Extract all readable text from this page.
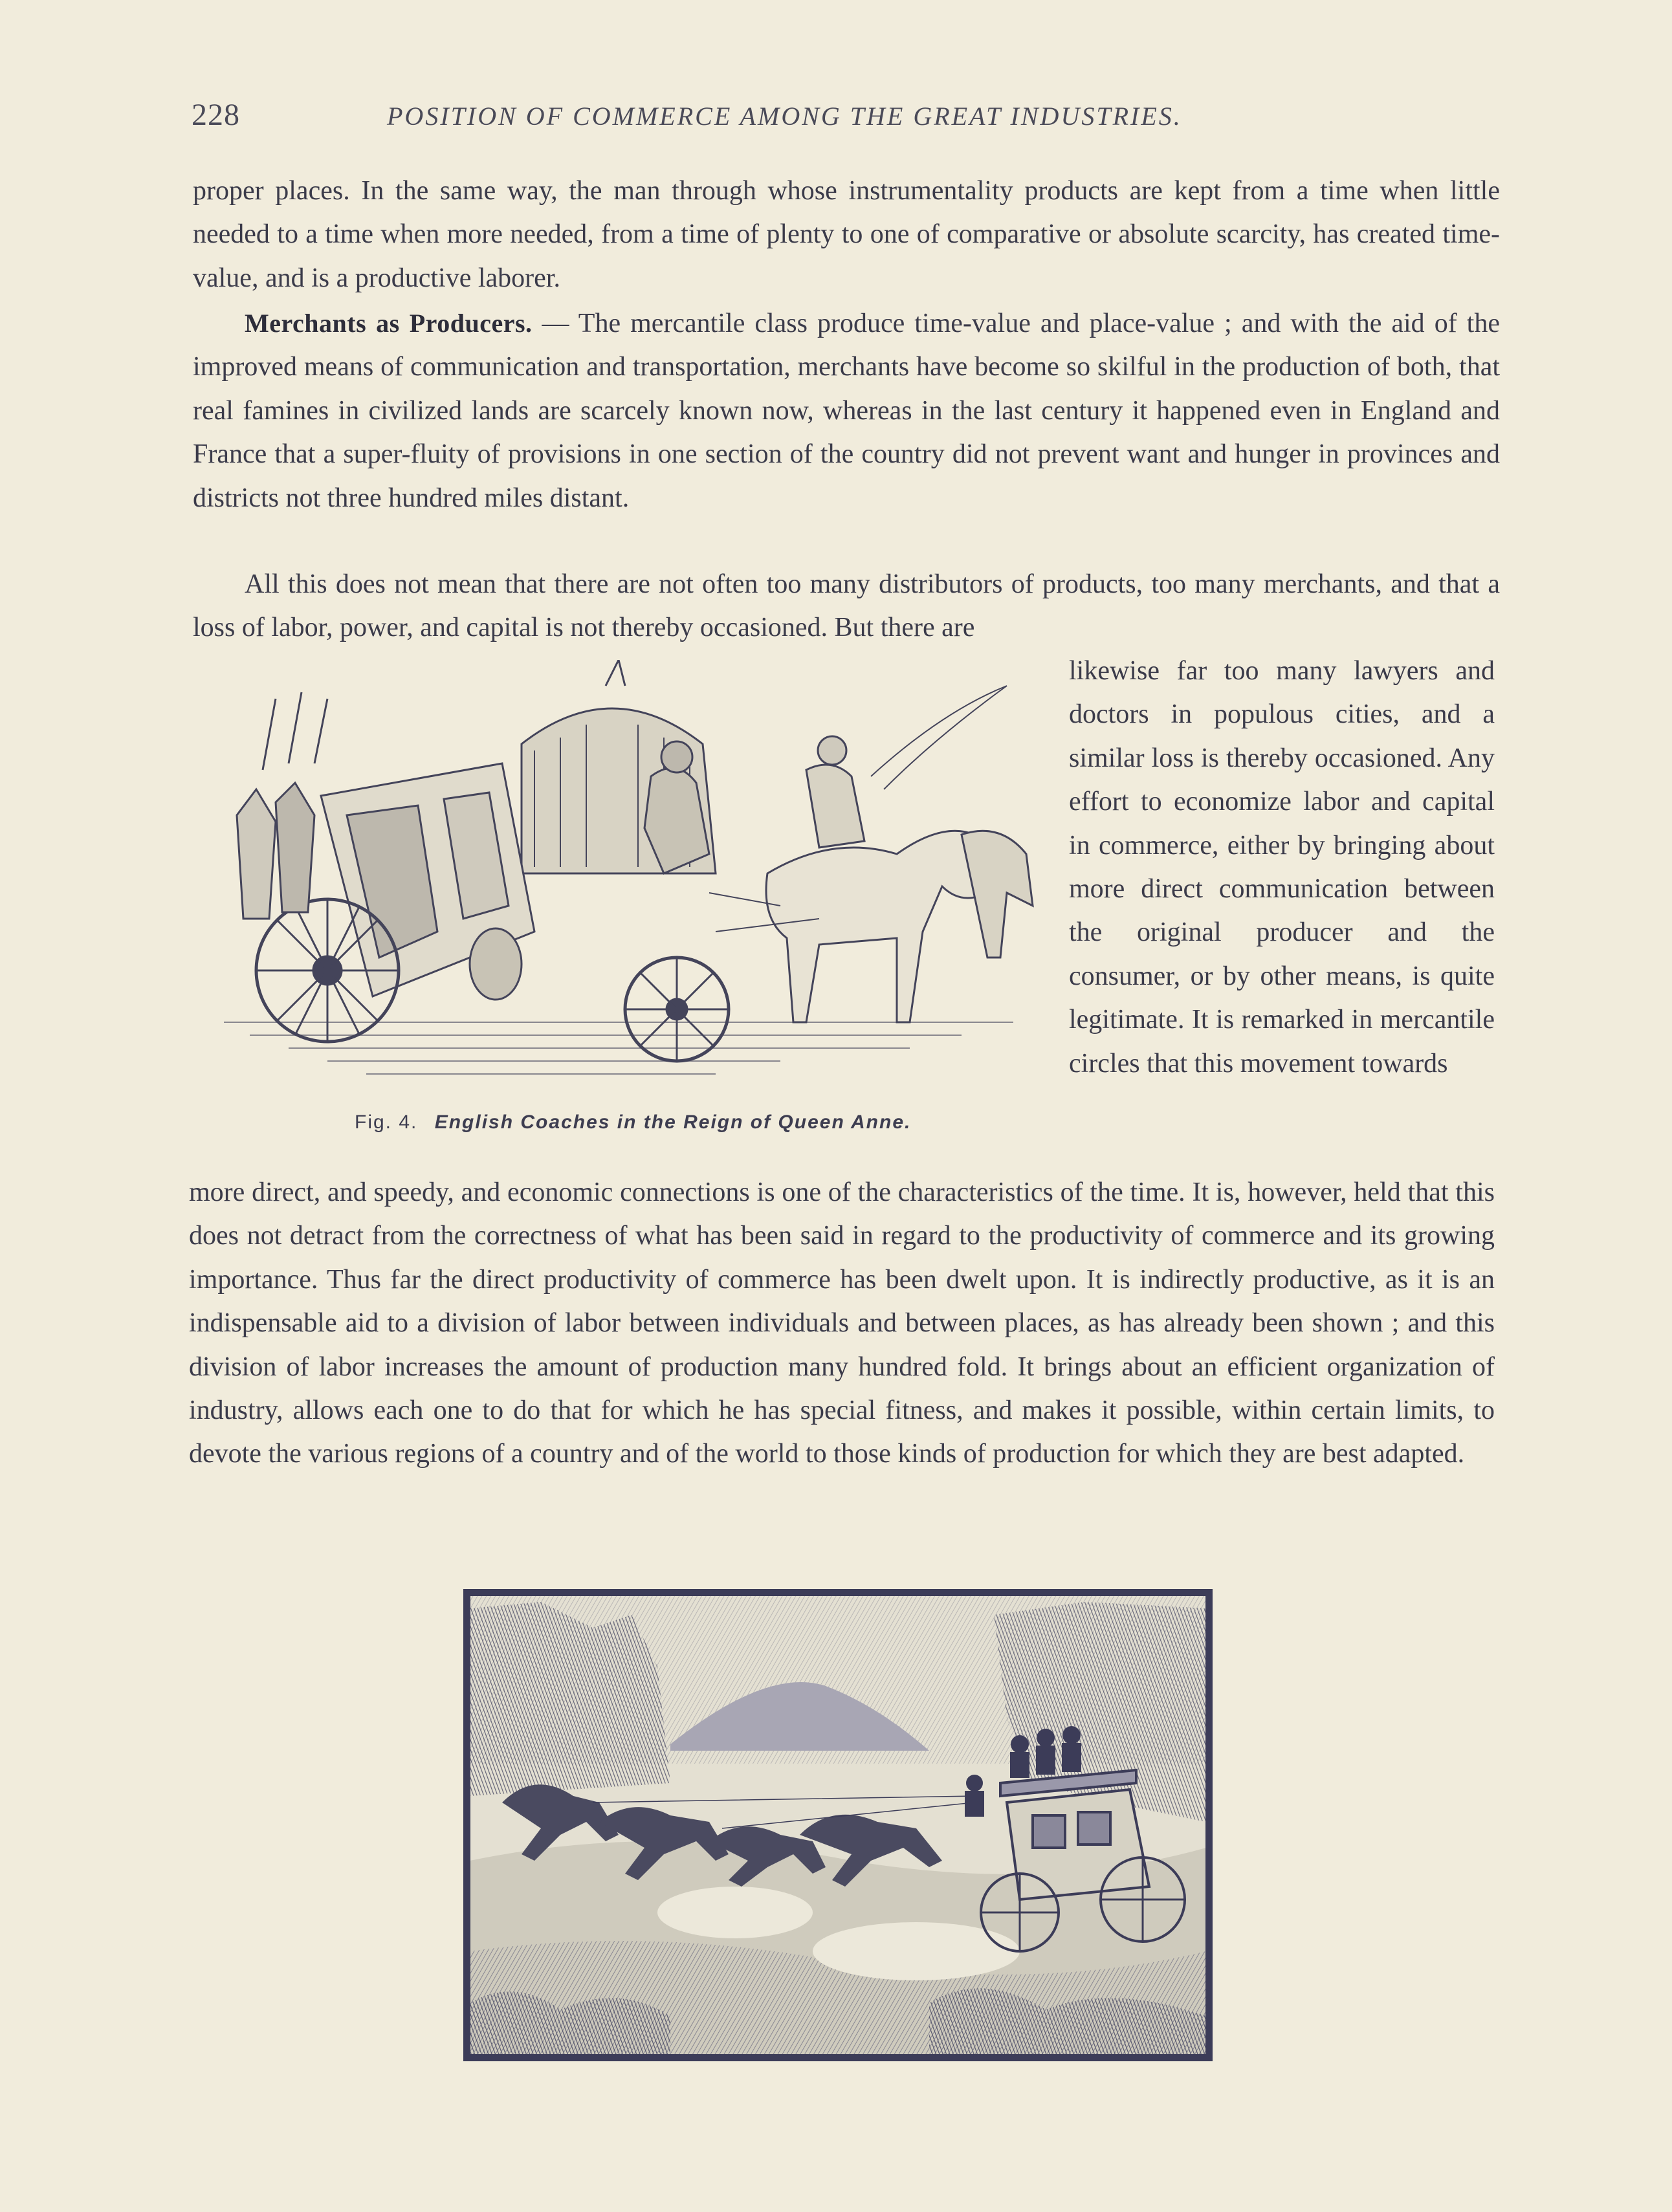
228	POSITION OF COMMERCE AMONG THE GREAT INDUSTRIES.

proper places. In the same way, the man through whose instrumentality products are kept from a time when little needed to a time when more needed, from a time of plenty to one of comparative or absolute scarcity, has created time-value, and is a productive laborer.

Merchants as Producers. — The mercantile class produce time-value and place-value ; and with the aid of the improved means of communication and transportation, merchants have become so skilful in the production of both, that real famines in civilized lands are scarcely known now, whereas in the last century it happened even in England and France that a super-fluity of provisions in one section of the country did not prevent want and hunger in provinces and districts not three hundred miles distant.

All this does not mean that there are not often too many distributors of products, too many merchants, and that a loss of labor, power, and capital is not thereby occasioned. But there are

Fig. 4. English Coaches in the Reign of Queen Anne.

likewise far too many lawyers and doctors in populous cities, and a similar loss is thereby occasioned. Any effort to economize labor and capital in commerce, either by bringing about more direct communication between the original producer and the consumer, or by other means, is quite legitimate. It is remarked in mercantile circles that this movement towards

more direct, and speedy, and economic connections is one of the characteristics of the time. It is, however, held that this does not detract from the correctness of what has been said in regard to the productivity of commerce and its growing importance. Thus far the direct productivity of commerce has been dwelt upon. It is indirectly productive, as it is an indispensable aid to a division of labor between individuals and between places, as has already been shown ; and this division of labor increases the amount of production many hundred fold. It brings about an efficient organization of industry, allows each one to do that for which he has special fitness, and makes it possible, within certain limits, to devote the various regions of a country and of the world to those kinds of production for which they are best adapted.
